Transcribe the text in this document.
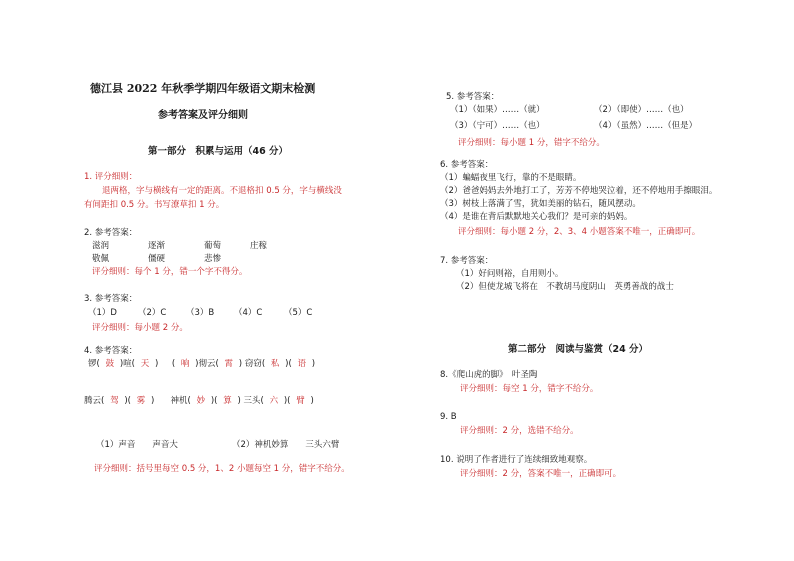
德江县 2022 年秋季学期四年级语文期末检测
参考答案及评分细则
第一部分　积累与运用（46 分）
1. 评分细则：
退两格，字与横线有一定的距离。不退格扣 0.5 分，字与横线没
有间距扣 0.5 分。书写潦草扣 1 分。
2. 参考答案：
滋润	逐渐	葡萄	庄稼
敬佩	僵硬	悲惨
评分细则：每个 1 分，错一个字不得分。
3. 参考答案：
（1）D （2）C （3）B （4）C	（5）C
评分细则：每小题 2 分。
4. 参考答案：
锣( 鼓 )喧( 天 ) ( 响 )彻云( 霄 ) 窃窃( 私 )( 语 )
腾云( 驾 )( 雾 ) 神机( 妙 )( 算 ) 三头( 六 )( 臂 )
（1）声音　　声音大	（2）神机妙算　　三头六臂
评分细则：括号里每空 0.5 分，1、2 小题每空 1 分，错字不给分。
5. 参考答案：
（1）（如果）……（就）	（2）（即使）……（也）
（3）（宁可）……（也）	（4）（虽然）……（但是）
评分细则：每小题 1 分，错字不给分。
6. 参考答案：
（1）蝙蝠夜里飞行，靠的不是眼睛。
（2）爸爸妈妈去外地打工了，芳芳不停地哭泣着，还不停地用手擦眼泪。
（3）树枝上落满了雪，犹如美丽的钻石，随风摆动。
（4）是谁在背后默默地关心我们？是可亲的妈妈。
评分细则：每小题 2 分，2、3、4 小题答案不唯一，正确即可。
7. 参考答案：
（1）好问则裕，自用则小。
（2）但使龙城飞将在　不教胡马度阴山　英勇善战的战士
第二部分　阅读与鉴赏（24 分）
8.《爬山虎的脚》　叶圣陶
评分细则：每空 1 分，错字不给分。
9. B
评分细则：2 分，选错不给分。
10. 说明了作者进行了连续细致地观察。
评分细则：2 分，答案不唯一，正确即可。
